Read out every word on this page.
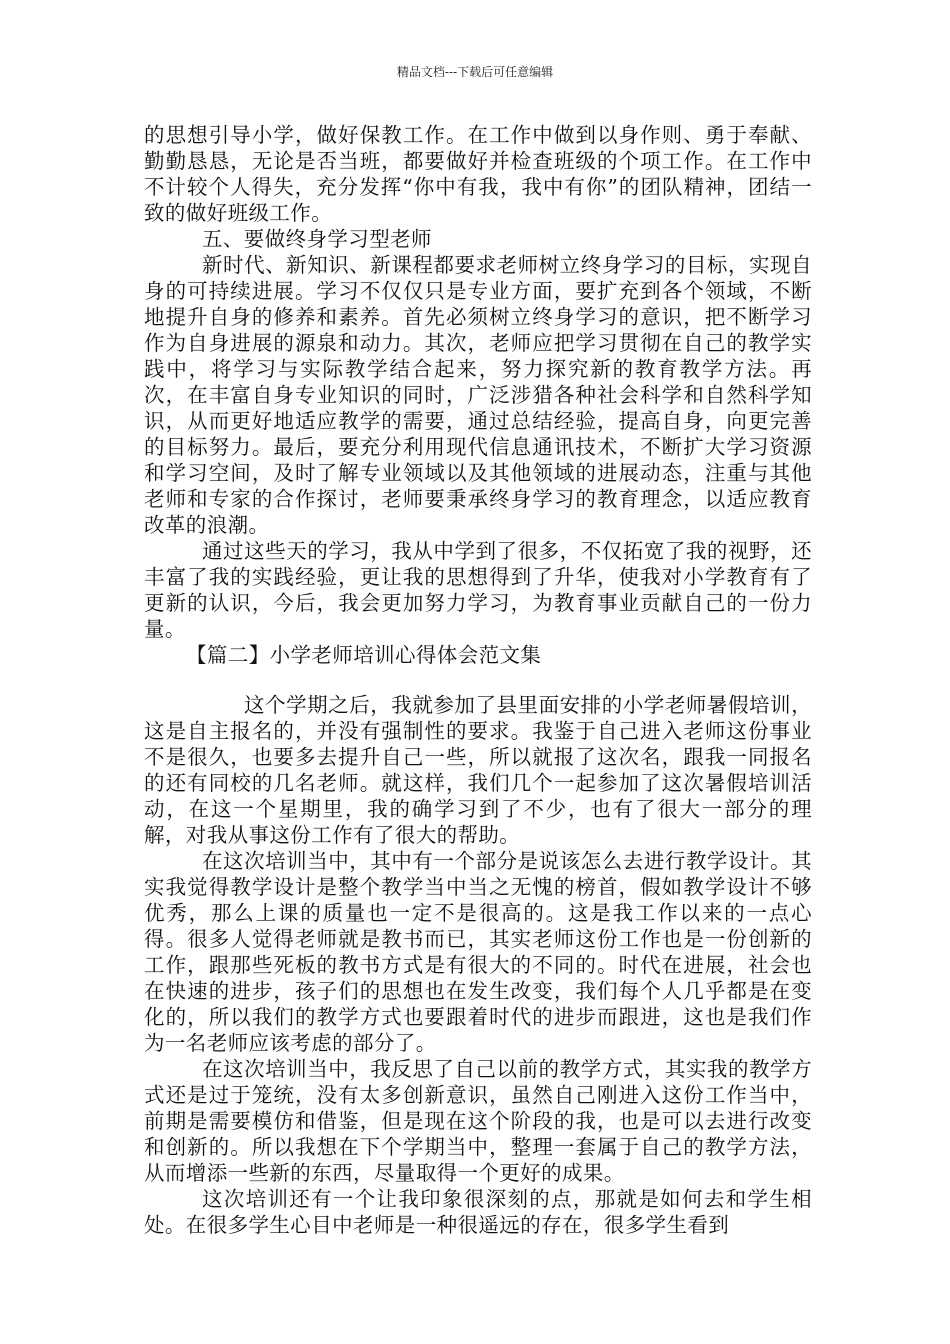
精品文档---下载后可任意编辑

的思想引导小学，做好保教工作。在工作中做到以身作则、勇于奉献、勤勤恳恳，无论是否当班，都要做好并检查班级的个项工作。在工作中不计较个人得失，充分发挥“你中有我，我中有你”的团队精神，团结一致的做好班级工作。

五、要做终身学习型老师

新时代、新知识、新课程都要求老师树立终身学习的目标，实现自身的可持续进展。学习不仅仅只是专业方面，要扩充到各个领域，不断地提升自身的修养和素养。首先必须树立终身学习的意识，把不断学习作为自身进展的源泉和动力。其次，老师应把学习贯彻在自己的教学实践中，将学习与实际教学结合起来，努力探究新的教育教学方法。再次，在丰富自身专业知识的同时，广泛涉猎各种社会科学和自然科学知识，从而更好地适应教学的需要，通过总结经验，提高自身，向更完善的目标努力。最后，要充分利用现代信息通讯技术，不断扩大学习资源和学习空间，及时了解专业领域以及其他领域的进展动态，注重与其他老师和专家的合作探讨，老师要秉承终身学习的教育理念，以适应教育改革的浪潮。

通过这些天的学习，我从中学到了很多，不仅拓宽了我的视野，还丰富了我的实践经验，更让我的思想得到了升华，使我对小学教育有了更新的认识，今后，我会更加努力学习，为教育事业贡献自己的一份力量。

【篇二】小学老师培训心得体会范文集

这个学期之后，我就参加了县里面安排的小学老师暑假培训，这是自主报名的，并没有强制性的要求。我鉴于自己进入老师这份事业不是很久，也要多去提升自己一些，所以就报了这次名，跟我一同报名的还有同校的几名老师。就这样，我们几个一起参加了这次暑假培训活动，在这一个星期里，我的确学习到了不少，也有了很大一部分的理解，对我从事这份工作有了很大的帮助。

在这次培训当中，其中有一个部分是说该怎么去进行教学设计。其实我觉得教学设计是整个教学当中当之无愧的榜首，假如教学设计不够优秀，那么上课的质量也一定不是很高的。这是我工作以来的一点心得。很多人觉得老师就是教书而已，其实老师这份工作也是一份创新的工作，跟那些死板的教书方式是有很大的不同的。时代在进展，社会也在快速的进步，孩子们的思想也在发生改变，我们每个人几乎都是在变化的，所以我们的教学方式也要跟着时代的进步而跟进，这也是我们作为一名老师应该考虑的部分了。

在这次培训当中，我反思了自己以前的教学方式，其实我的教学方式还是过于笼统，没有太多创新意识，虽然自己刚进入这份工作当中，前期是需要模仿和借鉴，但是现在这个阶段的我，也是可以去进行改变和创新的。所以我想在下个学期当中，整理一套属于自己的教学方法，从而增添一些新的东西，尽量取得一个更好的成果。

这次培训还有一个让我印象很深刻的点，那就是如何去和学生相处。在很多学生心目中老师是一种很遥远的存在，很多学生看到
